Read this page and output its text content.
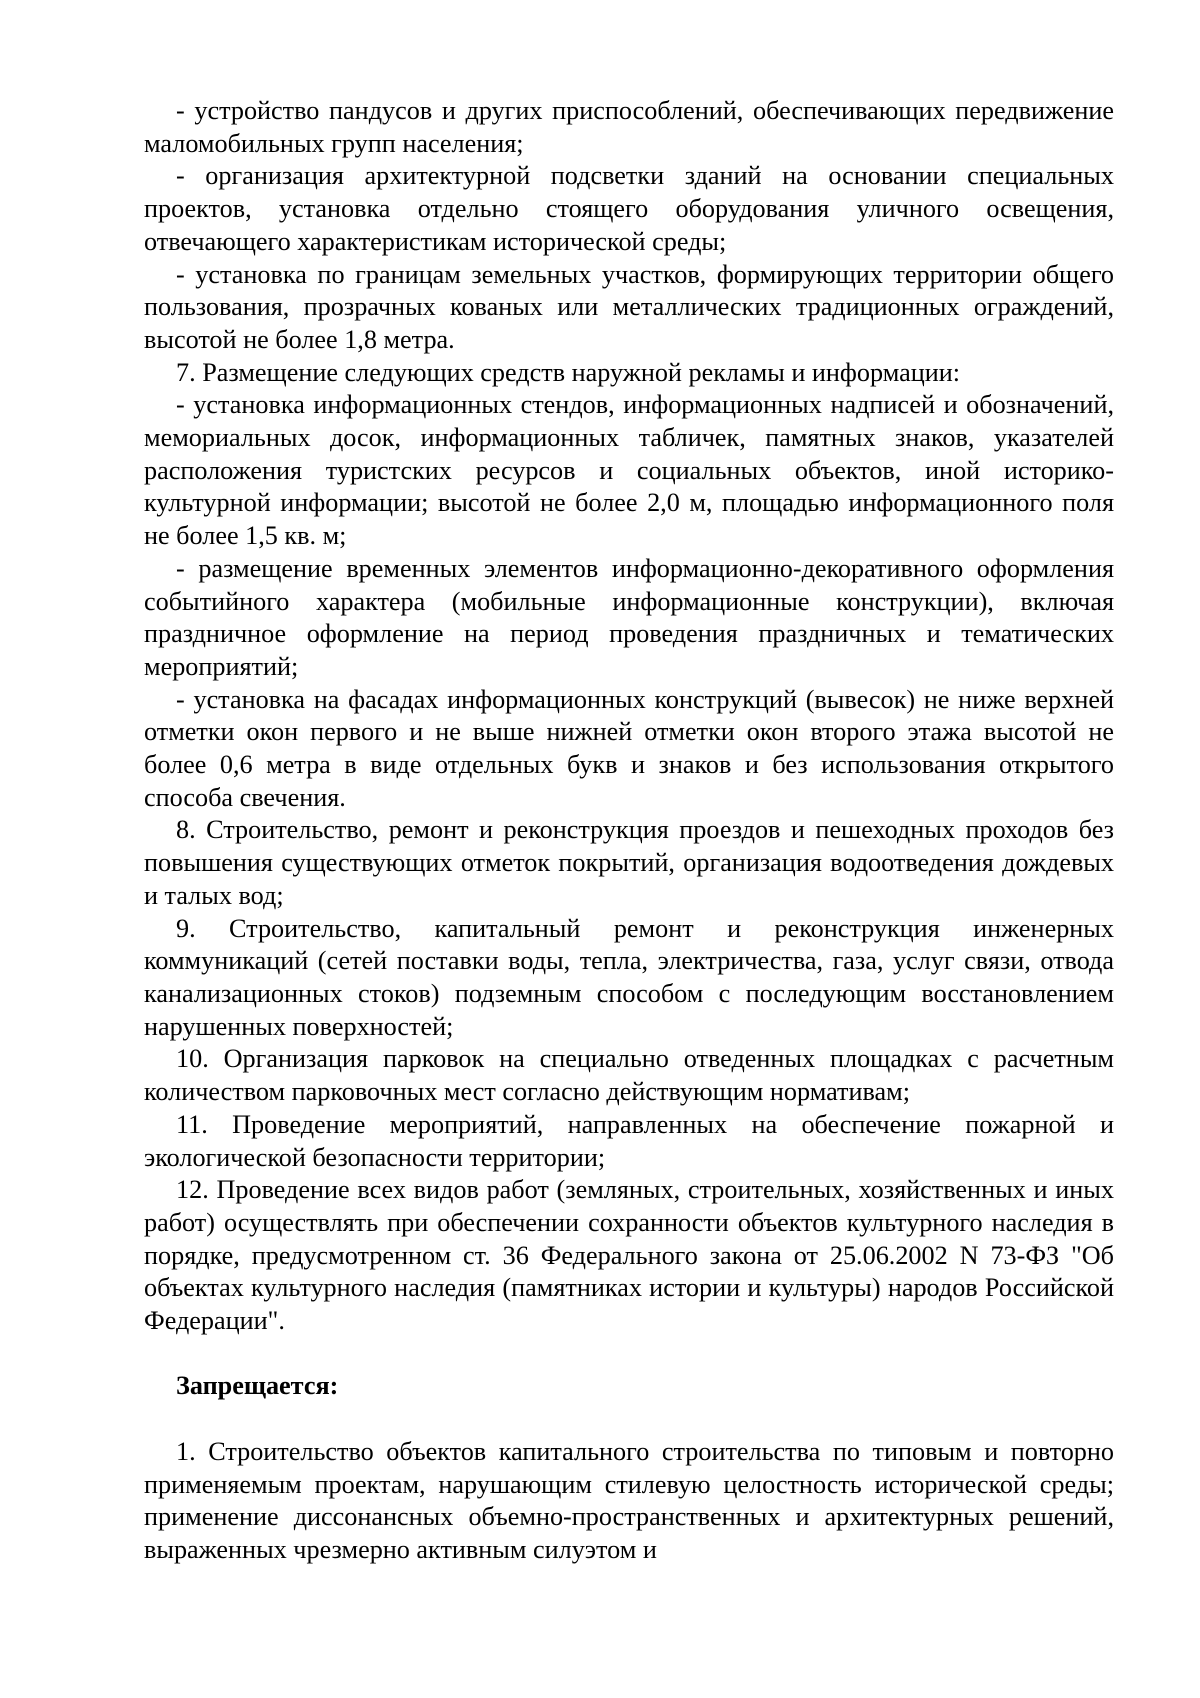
- устройство пандусов и других приспособлений, обеспечивающих передвижение маломобильных групп населения;

- организация архитектурной подсветки зданий на основании специальных проектов, установка отдельно стоящего оборудования уличного освещения, отвечающего характеристикам исторической среды;

- установка по границам земельных участков, формирующих территории общего пользования, прозрачных кованых или металлических традиционных ограждений, высотой не более 1,8 метра.

7. Размещение следующих средств наружной рекламы и информации:

- установка информационных стендов, информационных надписей и обозначений, мемориальных досок, информационных табличек, памятных знаков, указателей расположения туристских ресурсов и социальных объектов, иной историко-культурной информации; высотой не более 2,0 м, площадью информационного поля не более 1,5 кв. м;

- размещение временных элементов информационно-декоративного оформления событийного характера (мобильные информационные конструкции), включая праздничное оформление на период проведения праздничных и тематических мероприятий;

- установка на фасадах информационных конструкций (вывесок) не ниже верхней отметки окон первого и не выше нижней отметки окон второго этажа высотой не более 0,6 метра в виде отдельных букв и знаков и без использования открытого способа свечения.

8. Строительство, ремонт и реконструкция проездов и пешеходных проходов без повышения существующих отметок покрытий, организация водоотведения дождевых и талых вод;

9. Строительство, капитальный ремонт и реконструкция инженерных коммуникаций (сетей поставки воды, тепла, электричества, газа, услуг связи, отвода канализационных стоков) подземным способом с последующим восстановлением нарушенных поверхностей;

10. Организация парковок на специально отведенных площадках с расчетным количеством парковочных мест согласно действующим нормативам;

11. Проведение мероприятий, направленных на обеспечение пожарной и экологической безопасности территории;

12. Проведение всех видов работ (земляных, строительных, хозяйственных и иных работ) осуществлять при обеспечении сохранности объектов культурного наследия в порядке, предусмотренном ст. 36 Федерального закона от 25.06.2002 N 73-ФЗ "Об объектах культурного наследия (памятниках истории и культуры) народов Российской Федерации".

Запрещается:

1. Строительство объектов капитального строительства по типовым и повторно применяемым проектам, нарушающим стилевую целостность исторической среды; применение диссонансных объемно-пространственных и архитектурных решений, выраженных чрезмерно активным силуэтом и
